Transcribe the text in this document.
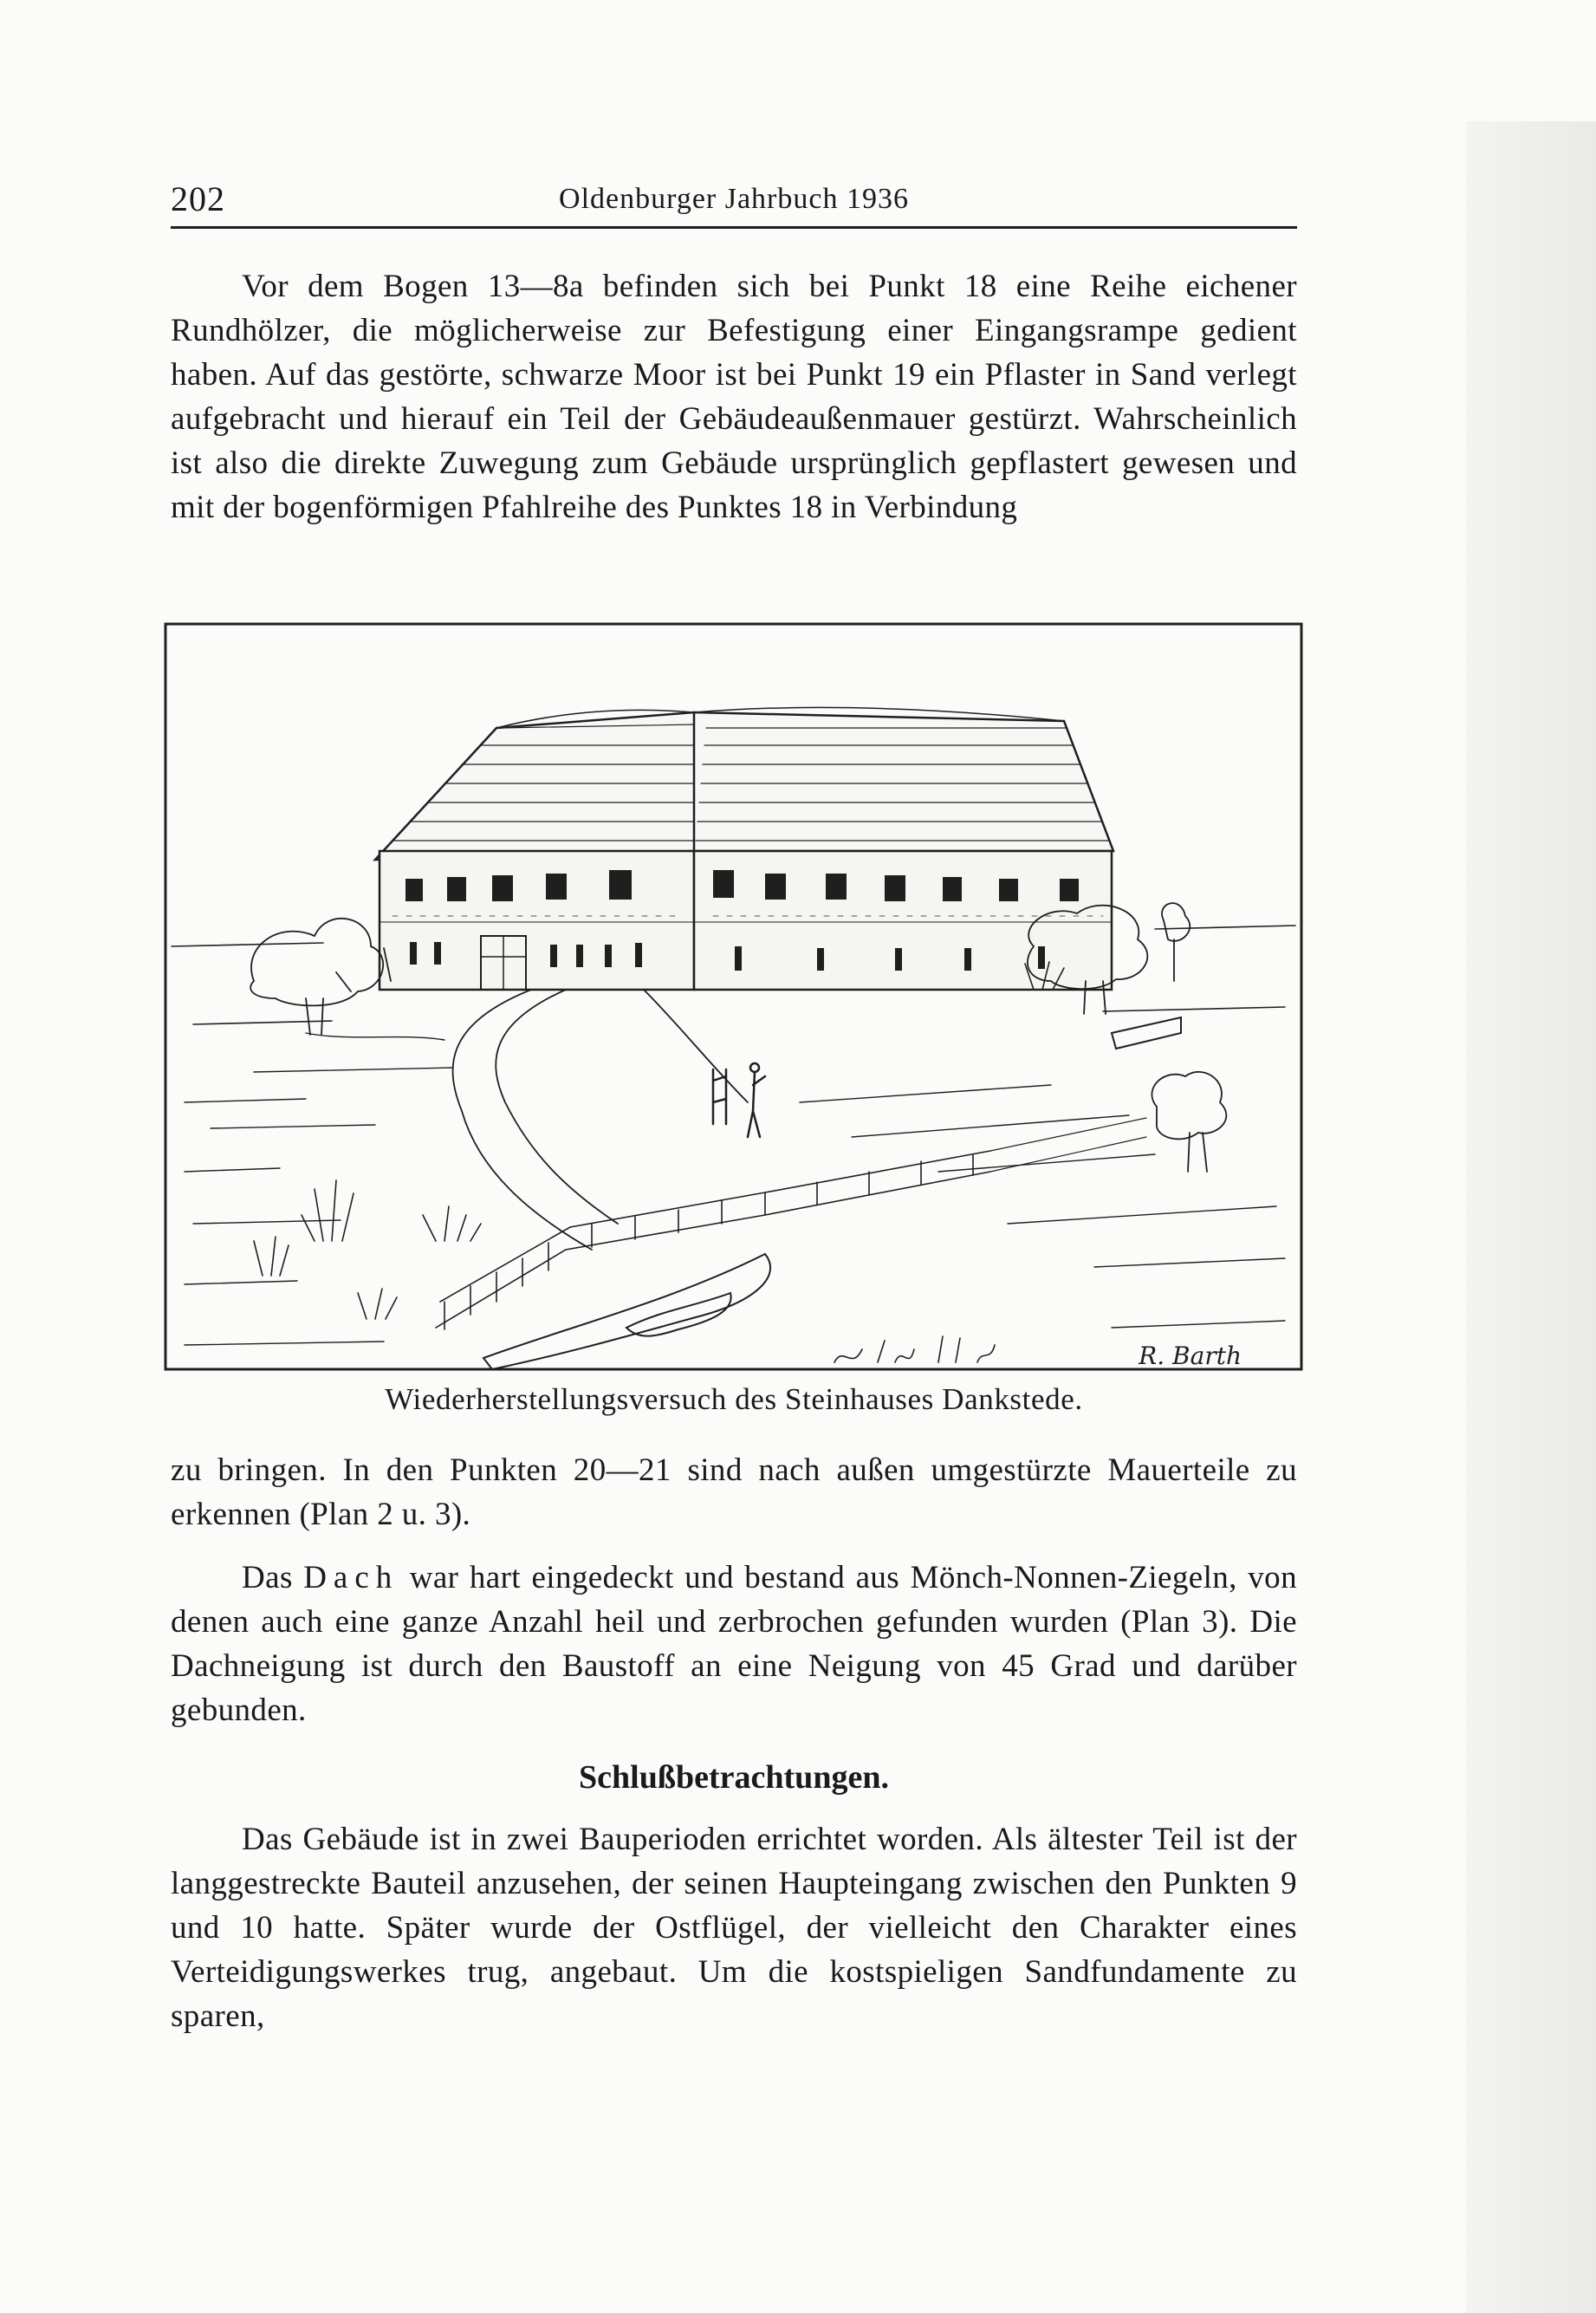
202	Oldenburger Jahrbuch 1936

Vor dem Bogen 13—8a befinden sich bei Punkt 18 eine Reihe eichener Rundhölzer, die möglicherweise zur Befestigung einer Eingangsrampe gedient haben. Auf das gestörte, schwarze Moor ist bei Punkt 19 ein Pflaster in Sand verlegt aufgebracht und hierauf ein Teil der Gebäudeaußenmauer gestürzt. Wahrscheinlich ist also die direkte Zuwegung zum Gebäude ursprünglich gepflastert gewesen und mit der bogenförmigen Pfahlreihe des Punktes 18 in Verbindung

R. Barth

Wiederherstellungsversuch des Steinhauses Dankstede.

zu bringen. In den Punkten 20—21 sind nach außen umgestürzte Mauerteile zu erkennen (Plan 2 u. 3).

Das Dach war hart eingedeckt und bestand aus Mönch-Nonnen-Ziegeln, von denen auch eine ganze Anzahl heil und zerbrochen gefunden wurden (Plan 3). Die Dachneigung ist durch den Baustoff an eine Neigung von 45 Grad und darüber gebunden.

Schlußbetrachtungen.

Das Gebäude ist in zwei Bauperioden errichtet worden. Als ältester Teil ist der langgestreckte Bauteil anzusehen, der seinen Haupteingang zwischen den Punkten 9 und 10 hatte. Später wurde der Ostflügel, der vielleicht den Charakter eines Verteidigungswerkes trug, angebaut. Um die kostspieligen Sandfundamente zu sparen,
